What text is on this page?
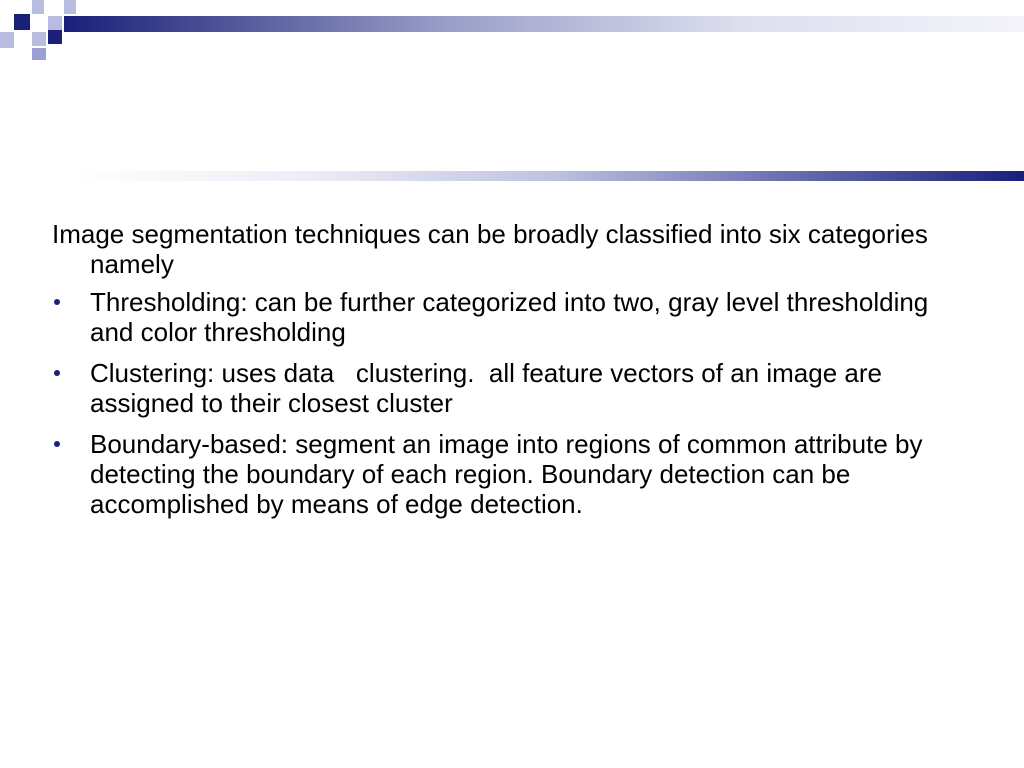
Image segmentation techniques can be broadly classified into six categories namely

Thresholding: can be further categorized into two, gray level thresholding and color thresholding
Clustering: uses data   clustering.  all feature vectors of an image are assigned to their closest cluster
Boundary-based: segment an image into regions of common attribute by detecting the boundary of each region. Boundary detection can be accomplished by means of edge detection.
